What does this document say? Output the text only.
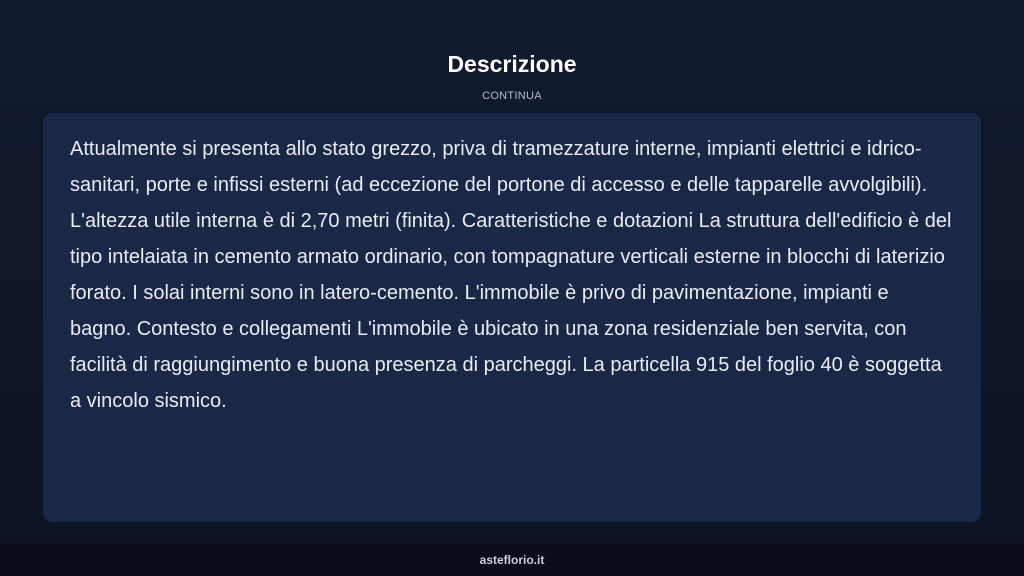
Descrizione
CONTINUA

Attualmente si presenta allo stato grezzo, priva di tramezzature interne, impianti elettrici e idrico-sanitari, porte e infissi esterni (ad eccezione del portone di accesso e delle tapparelle avvolgibili). L'altezza utile interna è di 2,70 metri (finita). Caratteristiche e dotazioni La struttura dell'edificio è del tipo intelaiata in cemento armato ordinario, con tompagnature verticali esterne in blocchi di laterizio forato. I solai interni sono in latero-cemento. L'immobile è privo di pavimentazione, impianti e bagno. Contesto e collegamenti L'immobile è ubicato in una zona residenziale ben servita, con facilità di raggiungimento e buona presenza di parcheggi. La particella 915 del foglio 40 è soggetta a vincolo sismico.

asteflorio.it
